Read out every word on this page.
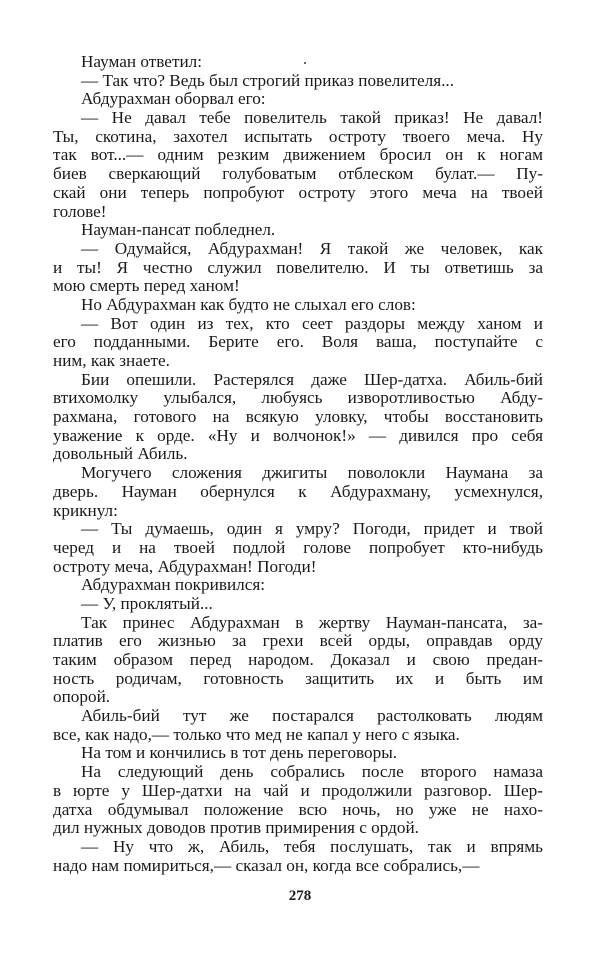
Науман ответил:
— Так что? Ведь был строгий приказ повелителя...
Абдурахман оборвал его:
— Не давал тебе повелитель такой приказ! Не давал!
Ты, скотина, захотел испытать остроту твоего меча. Ну
так вот...— одним резким движением бросил он к ногам
биев сверкающий голубоватым отблеском булат.— Пу-
скай они теперь попробуют остроту этого меча на твоей
голове!
Науман-пансат побледнел.
— Одумайся, Абдурахман! Я такой же человек, как
и ты! Я честно служил повелителю. И ты ответишь за
мою смерть перед ханом!
Но Абдурахман как будто не слыхал его слов:
— Вот один из тех, кто сеет раздоры между ханом и
его подданными. Берите его. Воля ваша, поступайте с
ним, как знаете.
Бии опешили. Растерялся даже Шер-датха. Абиль-бий
втихомолку улыбался, любуясь изворотливостью Абду-
рахмана, готового на всякую уловку, чтобы восстановить
уважение к орде. «Ну и волчонок!» — дивился про себя
довольный Абиль.
Могучего сложения джигиты поволокли Наумана за
дверь. Науман обернулся к Абдурахману, усмехнулся,
крикнул:
— Ты думаешь, один я умру? Погоди, придет и твой
черед и на твоей подлой голове попробует кто-нибудь
остроту меча, Абдурахман! Погоди!
Абдурахман покривился:
— У, проклятый...
Так принес Абдурахман в жертву Науман-пансата, за-
платив его жизнью за грехи всей орды, оправдав орду
таким образом перед народом. Доказал и свою предан-
ность родичам, готовность защитить их и быть им
опорой.
Абиль-бий тут же постарался растолковать людям
все, как надо,— только что мед не капал у него с языка.
На том и кончились в тот день переговоры.
На следующий день собрались после второго намаза
в юрте у Шер-датхи на чай и продолжили разговор. Шер-
датха обдумывал положение всю ночь, но уже не нахо-
дил нужных доводов против примирения с ордой.
— Ну что ж, Абиль, тебя послушать, так и впрямь
надо нам помириться,— сказал он, когда все собрались,—
278
